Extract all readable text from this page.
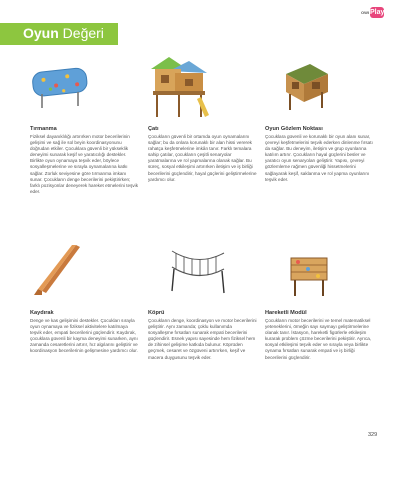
Oyun Değeri
OWI Play
Tırmanma

Fiziksel dayanıklılığı artırırken motor becerilerinin gelişimi ve sağ ile sol beyin koordinasyonunu doğrudan etkiler. Çocuklara güvenli bir yükseklik deneyimi sunarak keşif ve yaratıcılığı destekler. Birlikte oyun oynamaya teşvik eder, böylece sosyalleşmelerine ve sırayla oynamalarına katkı sağlar. Zorluk seviyesine göre tırmanma imkanı sunar. Çocukların denge becerilerini pekiştirirken; farklı pozisyonlar deneyerek hareket etmelerini teşvik eder.

Çatı

Çocukların güvenli bir ortamda oyun oynamalarını sağlar; bu da onlara korunaklı bir alan hissi vererek rahatça keşfetmelerine imkân tanır. Farklı temalara sahip çatılar, çocukların çeşitli senaryolar yaratmalarına ve rol yapmalarına olanak sağlar. Bu süreç, sosyal etkileşimi artırırken iletişim ve iş birliği becerilerini güçlendirir, hayal güçlerini geliştirmelerine yardımcı olur.

Oyun Gözlem Noktası

Çocuklara güvenli ve korunaklı bir oyun alanı sunar, çevreyi keşfetmelerini teşvik ederken dinlenme fırsatı da sağlar. Bu deneyim, iletişim ve grup oyunlarına katılım artırır. Çocukların hayal güçlerini besler ve yaratıcı oyun senaryoları geliştirir. Yapısı, çevreyi gözlemlerne rağmen güvenliği hissetmelerini sağlayarak keşif, saklanma ve rol yapma oyunlarını teşvik eder.

Kaydırak

Denge ve kas gelişimini destekler. Çocukları sırayla oyun oynamaya ve fiziksel aktivitelere katılmaya teşvik eder, empati becerilerini güçlendirir. Kaydırak, çocuklara güvenli bir kayma deneyimi sunarken, aynı zamanda cesaretlerini artırır, hız algılarını geliştirir ve koordinasyon becerilerinin gelişmesine yardımcı olur.

Köprü

Çocukların denge, koordinasyon ve motor becerilerini geliştirir. Aynı zamanda; çoklu kullanımda sosyalleşme fırsatları sunarak empati becerilerini güçlendirir. Esnek yapısı sayesinde hem fiziksel hem de zihinsel gelişime katkıda bulunur. Köprüden geçmek, cesaret ve özgüveni artırırken, keşif ve macera duygusunu teşvik eder.

Hareketli Modül

Çocukların motor becerilerini ve temel matematiksel yeteneklerini, örneğin sayı saymayı geliştirmelerine olanak tanır. İstasyon, hareketli figürlerle etkileşim kurarak problem çözme becerilerini pekiştirir. Ayrıca, sosyal etkileşimi teşvik eder ve sırayla veya birlikte oynama fırsatları sunarak empati ve iş birliği becerilerini güçlendirir.

329
